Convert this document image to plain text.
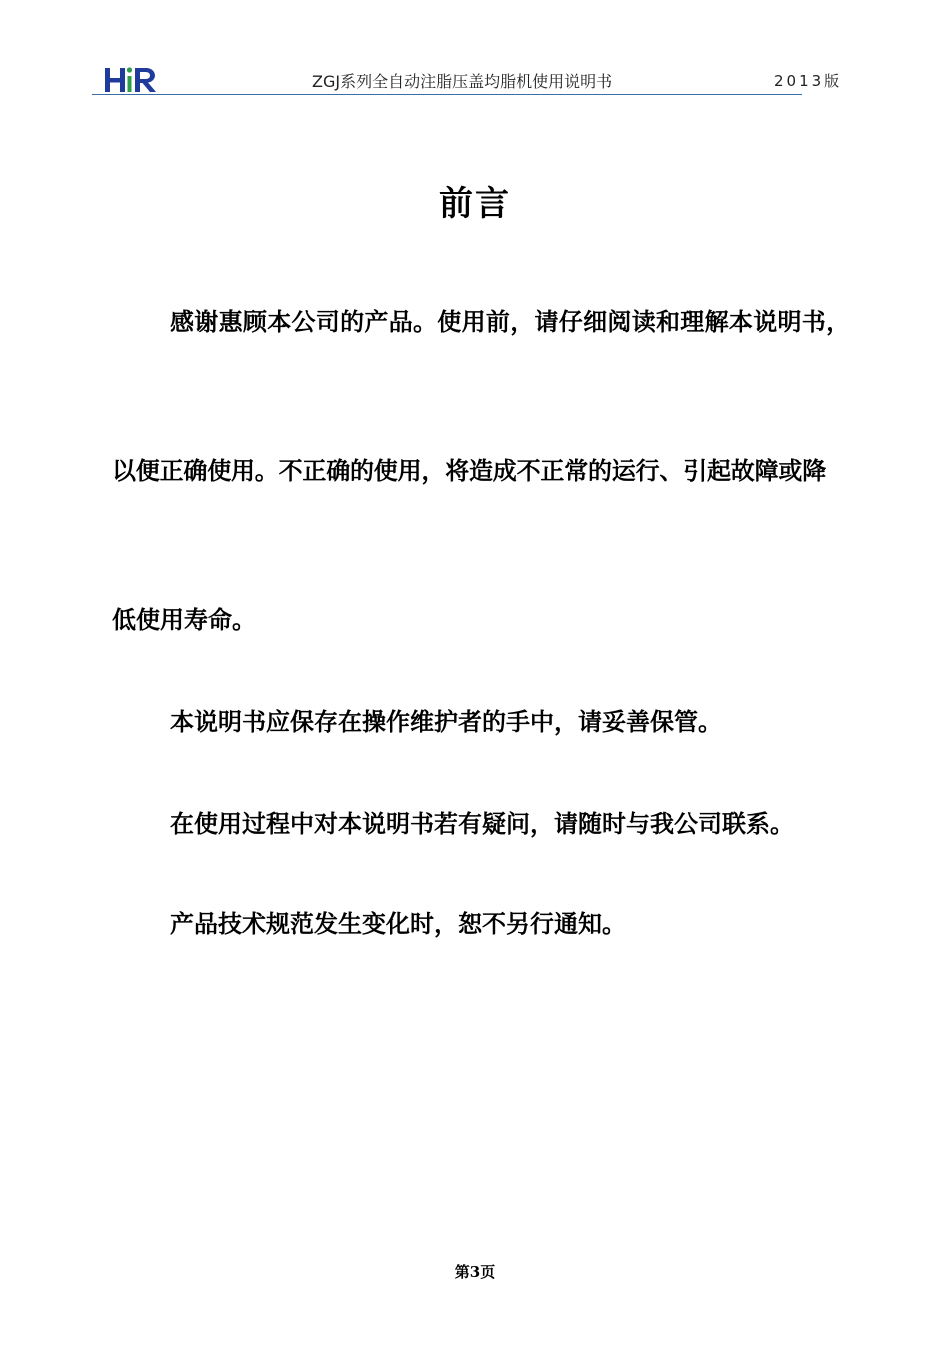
ZGJ系列全自动注脂压盖均脂机使用说明书	2013版
前言

感谢惠顾本公司的产品。使用前，请仔细阅读和理解本说明书，

以便正确使用。不正确的使用，将造成不正常的运行、引起故障或降

低使用寿命。

本说明书应保存在操作维护者的手中，请妥善保管。

在使用过程中对本说明书若有疑问，请随时与我公司联系。

产品技术规范发生变化时，恕不另行通知。

第3页
